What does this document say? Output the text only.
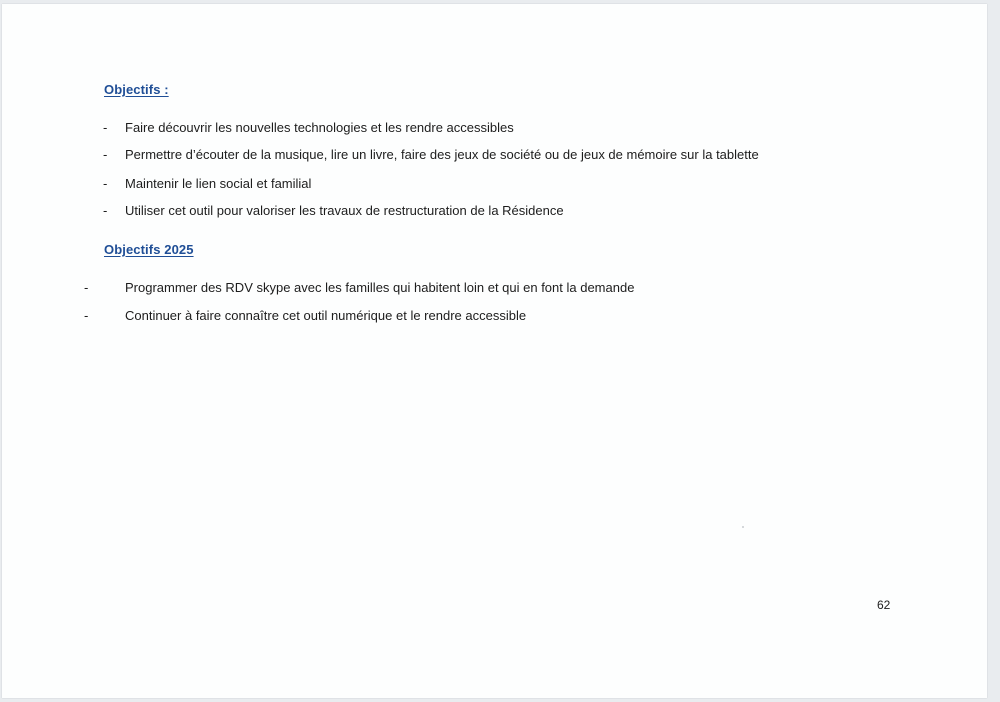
Objectifs :
- Faire découvrir les nouvelles technologies et les rendre accessibles
- Permettre d’écouter de la musique, lire un livre, faire des jeux de société ou de jeux de mémoire sur la tablette
- Maintenir le lien social et familial
- Utiliser cet outil pour valoriser les travaux de restructuration de la Résidence
Objectifs 2025
-	Programmer des RDV skype avec les familles qui habitent loin et qui en font la demande
-	Continuer à faire connaître cet outil numérique et le rendre accessible
62
